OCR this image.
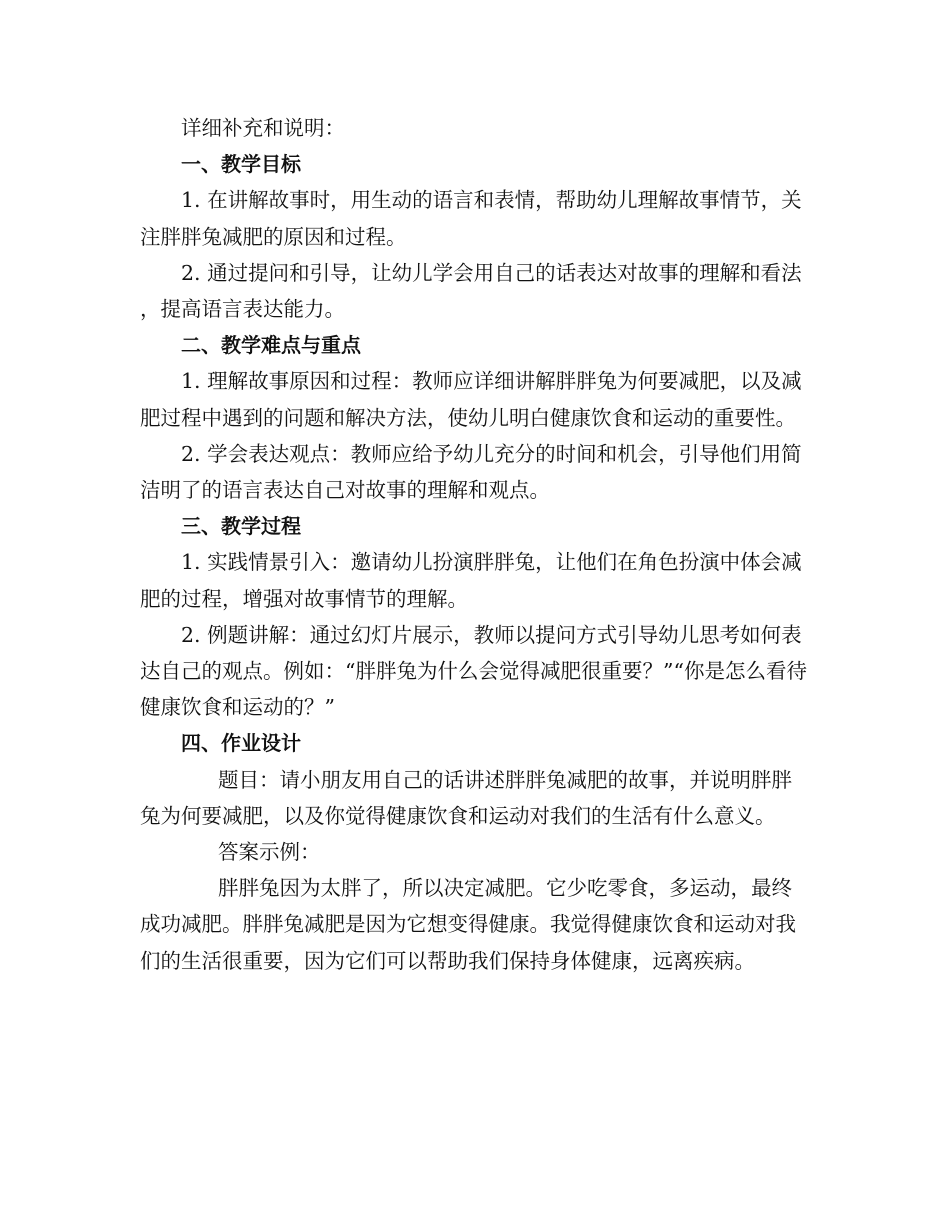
详细补充和说明：

一、教学目标

1. 在讲解故事时，用生动的语言和表情，帮助幼儿理解故事情节，关注胖胖兔减肥的原因和过程。

2. 通过提问和引导，让幼儿学会用自己的话表达对故事的理解和看法，提高语言表达能力。

二、教学难点与重点

1. 理解故事原因和过程：教师应详细讲解胖胖兔为何要减肥，以及减肥过程中遇到的问题和解决方法，使幼儿明白健康饮食和运动的重要性。

2. 学会表达观点：教师应给予幼儿充分的时间和机会，引导他们用简洁明了的语言表达自己对故事的理解和观点。

三、教学过程

1. 实践情景引入：邀请幼儿扮演胖胖兔，让他们在角色扮演中体会减肥的过程，增强对故事情节的理解。

2. 例题讲解：通过幻灯片展示，教师以提问方式引导幼儿思考如何表达自己的观点。例如：“胖胖兔为什么会觉得减肥很重要？”“你是怎么看待健康饮食和运动的？”

四、作业设计

题目：请小朋友用自己的话讲述胖胖兔减肥的故事，并说明胖胖兔为何要减肥，以及你觉得健康饮食和运动对我们的生活有什么意义。

答案示例：

胖胖兔因为太胖了，所以决定减肥。它少吃零食，多运动，最终成功减肥。胖胖兔减肥是因为它想变得健康。我觉得健康饮食和运动对我们的生活很重要，因为它们可以帮助我们保持身体健康，远离疾病。
